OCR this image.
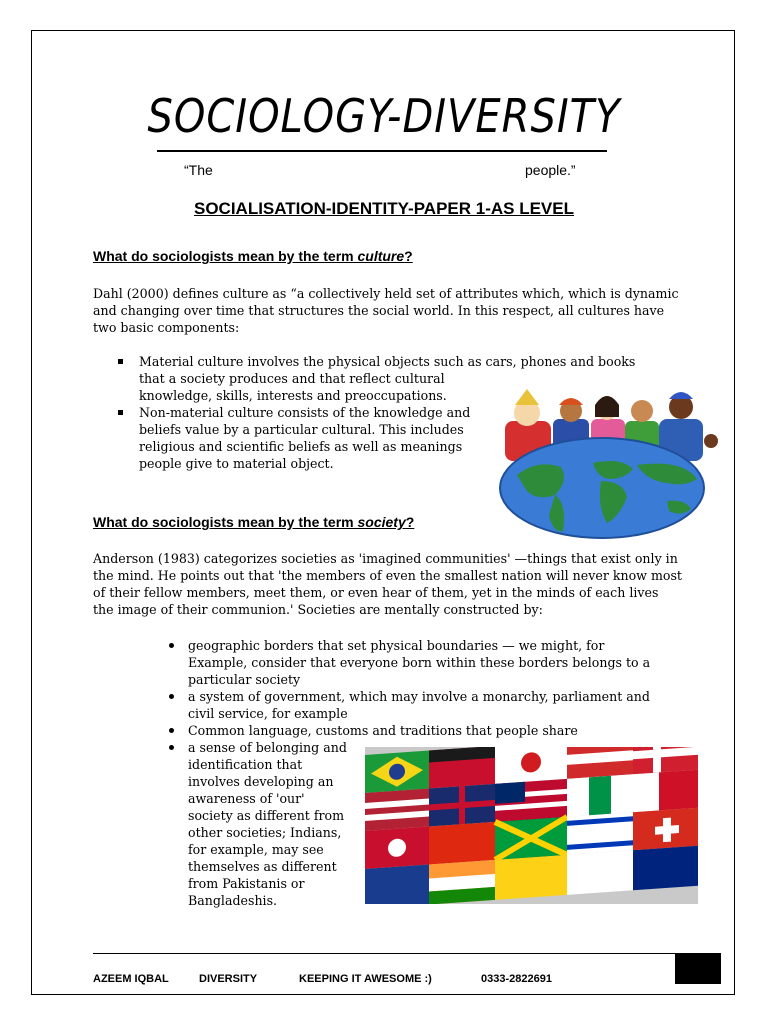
SOCIOLOGY-DIVERSITY
“The	people.”
SOCIALISATION-IDENTITY-PAPER 1-AS LEVEL
What do sociologists mean by the term culture?

Dahl (2000) defines culture as “a collectively held set of attributes which, which is dynamic and changing over time that structures the social world. In this respect, all cultures have two basic components:

Material culture involves the physical objects such as cars, phones and books
that a society produces and that reflect cultural
knowledge, skills, interests and preoccupations.
Non-material culture consists of the knowledge and
beliefs value by a particular cultural. This includes
religious and scientific beliefs as well as meanings
people give to material object.
What do sociologists mean by the term society?

Anderson (1983) categorizes societies as 'imagined communities' —things that exist only in the mind. He points out that 'the members of even the smallest nation will never know most of their fellow members, meet them, or even hear of them, yet in the minds of each lives the image of their communion.' Societies are mentally constructed by:

geographic borders that set physical boundaries — we might, for
Example, consider that everyone born within these borders belongs to a
particular society
a system of government, which may involve a monarchy, parliament and
civil service, for example
Common language, customs and traditions that people share
a sense of belonging and
identification that
involves developing an
awareness of 'our'
society as different from
other societies; Indians,
for example, may see
themselves as different
from Pakistanis or
Bangladeshis.
AZEEM IQBAL	DIVERSITY	KEEPING IT AWESOME :)	0333-2822691
